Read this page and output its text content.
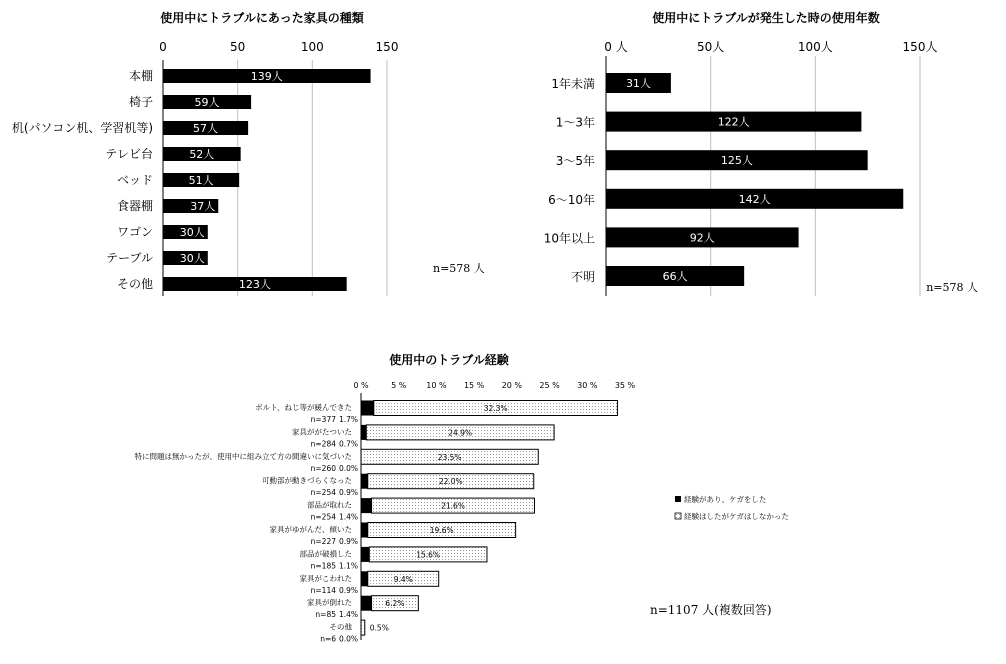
使用中にトラブルにあった家具の種類
0	50	100	150
本棚	139人
椅子	59人
机(パソコン机、学習机等)	57人
テレビ台	52人
ベッド	51人
食器棚	37人
ワゴン 30人
テーブル 30人
その他	123人
n=578 人
使用中にトラブルが発生した時の使用年数
0 人	50人	100人	150人
1年未満	31人
1～3年	122人
3～5年	125人
6～10年	142人
10年以上	92人
不明	66人
n=578 人
使用中のトラブル経験
0 %	5 % 10 % 15 % 20 % 25 % 30 % 35 %
ボルト、ねじ等が緩んできた
n=377 1.7%
32.3%
家具ががたついた
n=284 0.7%
24.9%
特に問題は無かったが、使用中に組み立て方の間違いに気づいた
n=260 0.0%
23.5%
可動部が動きづらくなった
n=254 0.9%
22.0%
部品が取れた
n=254 1.4%
21.6%
家具がゆがんだ、傾いた
n=227 0.9%
19.6%
部品が破損した
n=185 1.1%
15.6%
家具がこわれた
n=114 0.9%
9.4%
家具が倒れた
n=85 1.4%
6.2%
その他
n=6 0.0%
0.5%
経験があり、ケガをした
経験はしたがケガはしなかった
n=1107 人(複数回答)
